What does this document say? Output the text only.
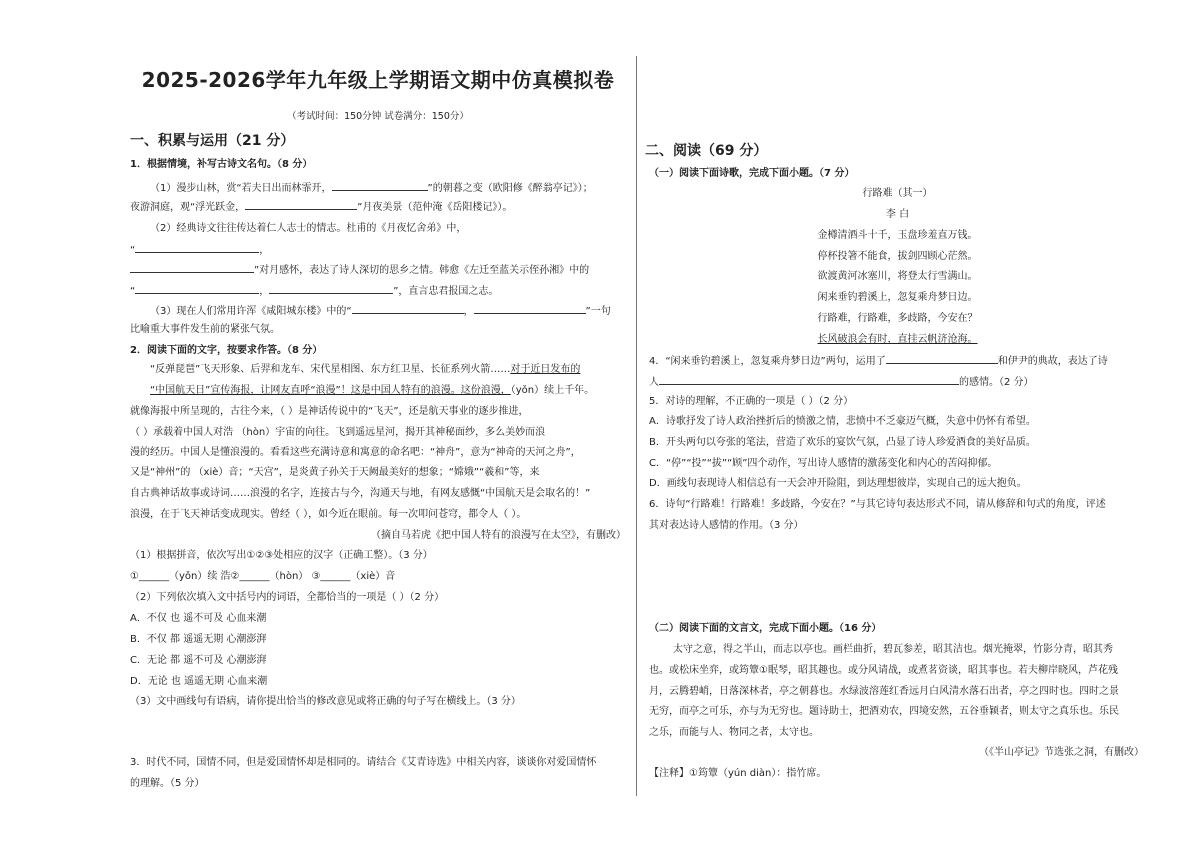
2025-2026学年九年级上学期语文期中仿真模拟卷
（考试时间：150分钟 试卷满分：150分）
一、积累与运用（21 分）
1．根据情境，补写古诗文名句。（8 分）
（1）漫步山林，赏“若夫日出而林霏开，	”的朝暮之变（欧阳修《醉翁亭记》）；
夜游洞庭，观“浮光跃金，	”月夜美景（范仲淹《岳阳楼记》）。
（2）经典诗文往往传达着仁人志士的情志。杜甫的《月夜忆舍弟》中，
“	，
”对月感怀，表达了诗人深切的思乡之情。韩愈《左迁至蓝关示侄孙湘》中的
“	，	”，直言忠君报国之志。
（3）现在人们常用许浑《咸阳城东楼》中的“	，	”一句
比喻重大事件发生前的紧张气氛。
2．阅读下面的文字，按要求作答。（8 分）
“反弹琵琶”飞天形象、后羿和龙车、宋代星相图、东方红卫星、长征系列火箭……对于近日发布的
“中国航天日”宣传海报，让网友直呼“浪漫”！这是中国人特有的浪漫。这份浪漫，（yǒn）续上千年。
就像海报中所呈现的，古往今来，（ ）是神话传说中的“飞天”，还是航天事业的逐步推进，
（ ）承载着中国人对浩 （hòn）宇宙的向往。飞到遥远星河，揭开其神秘面纱，多么美妙而浪
漫的经历。中国人是懂浪漫的。看看这些充满诗意和寓意的命名吧：“神舟”，意为“神奇的天河之舟”，
又是“神州”的 （xiè）音；“天宫”，是炎黄子孙关于天阙最美好的想象；“嫦娥”“羲和”等，来
自古典神话故事或诗词……浪漫的名字，连接古与今，沟通天与地，有网友感慨“中国航天是会取名的！”
浪漫，在于飞天神话变成现实。曾经（ ），如今近在眼前。每一次叩问苍穹，都令人（ ）。
（摘自马若虎《把中国人特有的浪漫写在太空》，有删改）
（1）根据拼音，依次写出①②③处相应的汉字（正确工整）。（3 分）
①______（yǒn）续 浩②______（hòn） ③______（xiè）音
（2）下列依次填入文中括号内的词语，全都恰当的一项是（ ）（2 分）
A．不仅 也 遥不可及 心血来潮
B．不仅 都 遥遥无期 心潮澎湃
C．无论 都 遥不可及 心潮澎湃
D．无论 也 遥遥无期 心血来潮
（3）文中画线句有语病，请你提出恰当的修改意见或将正确的句子写在横线上。（3 分）
3．时代不同，国情不同，但是爱国情怀却是相同的。请结合《艾青诗选》中相关内容，谈谈你对爱国情怀
的理解。（5 分）
二、阅读（69 分）
（一）阅读下面诗歌，完成下面小题。（7 分）
行路难（其一）
李 白
金樽清酒斗十千，玉盘珍羞直万钱。
停杯投箸不能食，拔剑四顾心茫然。
欲渡黄河冰塞川，将登太行雪满山。
闲来垂钓碧溪上，忽复乘舟梦日边。
行路难，行路难，多歧路，今安在？
长风破浪会有时，直挂云帆济沧海。
4．“闲来垂钓碧溪上，忽复乘舟梦日边”两句，运用了	和伊尹的典故，表达了诗
人	的感情。（2 分）
5．对诗的理解，不正确的一项是（ ）（2 分）
A．诗歌抒发了诗人政治挫折后的愤激之情，悲愤中不乏豪迈气概，失意中仍怀有希望。
B．开头两句以夸张的笔法，营造了欢乐的宴饮气氛，凸显了诗人珍爱酒食的美好品质。
C．“停”“投”“拔”“顾”四个动作，写出诗人感情的激荡变化和内心的苦闷抑郁。
D．画线句表现诗人相信总有一天会冲开险阻，到达理想彼岸，实现自己的远大抱负。
6．诗句“行路难！行路难！多歧路，今安在？”与其它诗句表达形式不同，请从修辞和句式的角度，评述
其对表达诗人感情的作用。（3 分）
（二）阅读下面的文言文，完成下面小题。（16 分）
太守之意，得之半山，而志以亭也。画栏曲折，碧瓦参差，昭其洁也。烟光掩翠，竹影分青，昭其秀
也。或松床坐弈，或筠簟①眠琴，昭其趣也。或分风请战，或煮茗资谈，昭其事也。若夫柳岸晓风，芦花残
月，云腾碧峭，日落深林者，亭之朝暮也。水绿波溶莲红香远月白风清水落石出者，亭之四时也。四时之景
无穷，而亭之可乐，亦与为无穷也。题诗助士，把酒劝农，四境安然，五谷垂颖者，则太守之真乐也。乐民
之乐，而能与人、物同之者，太守也。
（《半山亭记》节选张之洞，有删改）
【注释】①筠簟（yún diàn）：指竹席。
